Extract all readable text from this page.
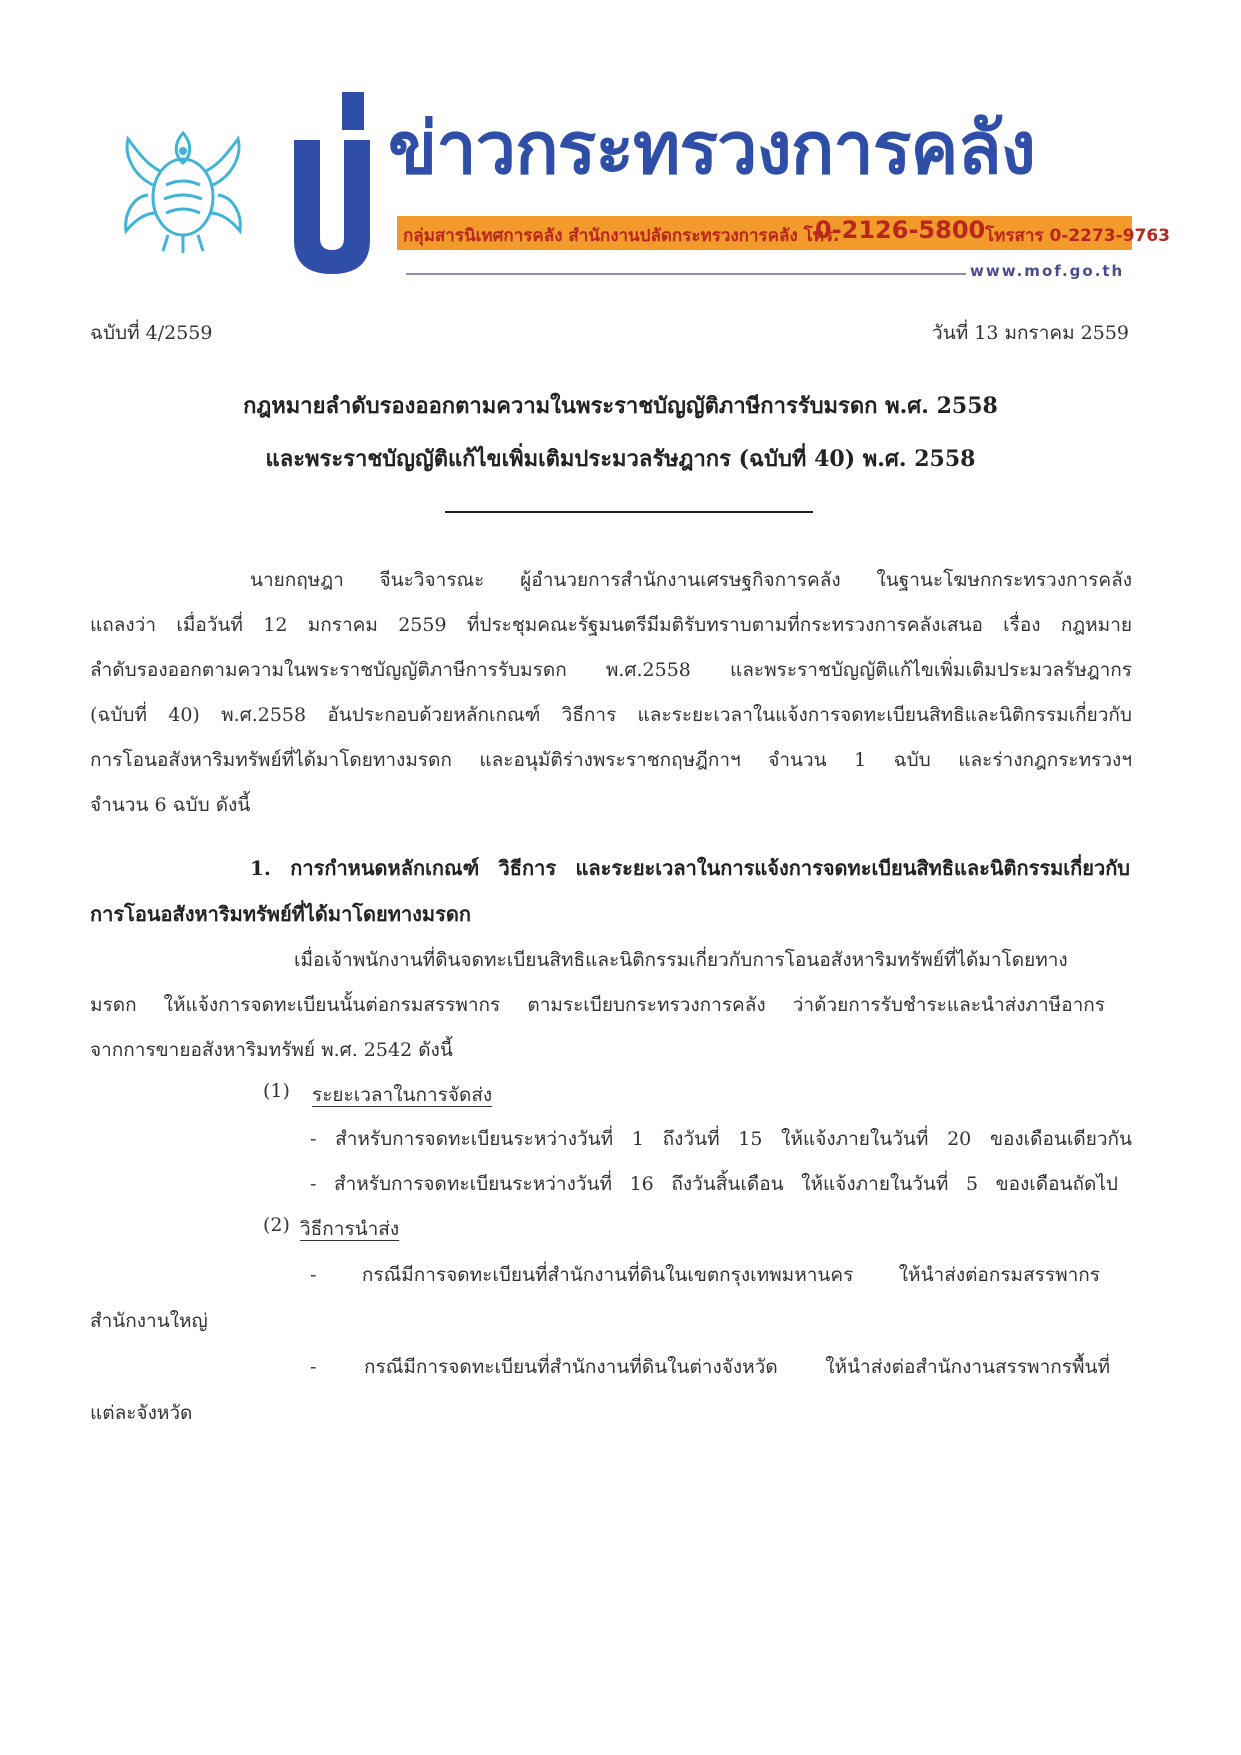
ข่าวกระทรวงการคลัง
กลุ่มสารนิเทศการคลัง สำนักงานปลัดกระทรวงการคลัง โทร.
0-2126-5800 โทรสาร 0-2273-9763
www.mof.go.th
ฉบับที่ 4/2559	วันที่ 13 มกราคม 2559
กฎหมายลำดับรองออกตามความในพระราชบัญญัติภาษีการรับมรดก พ.ศ. 2558
และพระราชบัญญัติแก้ไขเพิ่มเติมประมวลรัษฎากร (ฉบับที่ 40) พ.ศ. 2558
นายกฤษฎา จีนะวิจารณะ ผู้อำนวยการสำนักงานเศรษฐกิจการคลัง ในฐานะโฆษกกระทรวงการคลัง
แถลงว่า เมื่อวันที่ 12 มกราคม 2559 ที่ประชุมคณะรัฐมนตรีมีมติรับทราบตามที่กระทรวงการคลังเสนอ เรื่อง กฎหมาย
ลำดับรองออกตามความในพระราชบัญญัติภาษีการรับมรดก พ.ศ.2558 และพระราชบัญญัติแก้ไขเพิ่มเติมประมวลรัษฎากร
(ฉบับที่ 40) พ.ศ.2558 อันประกอบด้วยหลักเกณฑ์ วิธีการ และระยะเวลาในแจ้งการจดทะเบียนสิทธิและนิติกรรมเกี่ยวกับ
การโอนอสังหาริมทรัพย์ที่ได้มาโดยทางมรดก และอนุมัติร่างพระราชกฤษฎีกาฯ จำนวน 1 ฉบับ และร่างกฎกระทรวงฯ
จำนวน 6 ฉบับ ดังนี้
1. การกำหนดหลักเกณฑ์ วิธีการ และระยะเวลาในการแจ้งการจดทะเบียนสิทธิและนิติกรรมเกี่ยวกับ
การโอนอสังหาริมทรัพย์ที่ได้มาโดยทางมรดก
เมื่อเจ้าพนักงานที่ดินจดทะเบียนสิทธิและนิติกรรมเกี่ยวกับการโอนอสังหาริมทรัพย์ที่ได้มาโดยทาง
มรดก ให้แจ้งการจดทะเบียนนั้นต่อกรมสรรพากร ตามระเบียบกระทรวงการคลัง ว่าด้วยการรับชำระและนำส่งภาษีอากร
จากการขายอสังหาริมทรัพย์ พ.ศ. 2542 ดังนี้
(1) ระยะเวลาในการจัดส่ง
- สำหรับการจดทะเบียนระหว่างวันที่ 1 ถึงวันที่ 15 ให้แจ้งภายในวันที่ 20 ของเดือนเดียวกัน
- สำหรับการจดทะเบียนระหว่างวันที่ 16 ถึงวันสิ้นเดือน ให้แจ้งภายในวันที่ 5 ของเดือนถัดไป
(2) วิธีการนำส่ง
- กรณีมีการจดทะเบียนที่สำนักงานที่ดินในเขตกรุงเทพมหานคร ให้นำส่งต่อกรมสรรพากร
สำนักงานใหญ่
- กรณีมีการจดทะเบียนที่สำนักงานที่ดินในต่างจังหวัด ให้นำส่งต่อสำนักงานสรรพากรพื้นที่
แต่ละจังหวัด
